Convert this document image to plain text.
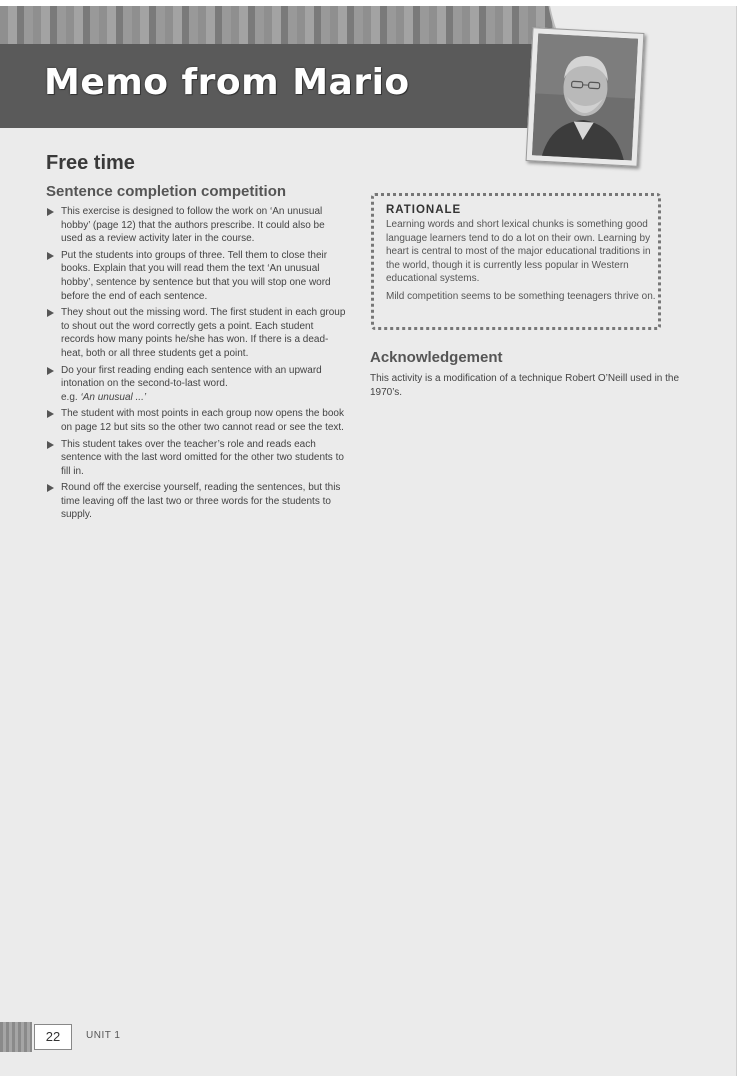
Memo from Mario
Free time
Sentence completion competition
This exercise is designed to follow the work on ‘An unusual hobby’ (page 12) that the authors prescribe. It could also be used as a review activity later in the course.
Put the students into groups of three. Tell them to close their books. Explain that you will read them the text ‘An unusual hobby’, sentence by sentence but that you will stop one word before the end of each sentence.
They shout out the missing word. The first student in each group to shout out the word correctly gets a point. Each student records how many points he/she has won. If there is a dead-heat, both or all three students get a point.
Do your first reading ending each sentence with an upward intonation on the second-to-last word.
e.g. ‘An unusual ...’
The student with most points in each group now opens the book on page 12 but sits so the other two cannot read or see the text.
This student takes over the teacher’s role and reads each sentence with the last word omitted for the other two students to fill in.
Round off the exercise yourself, reading the sentences, but this time leaving off the last two or three words for the students to supply.
RATIONALE

Learning words and short lexical chunks is something good language learners tend to do a lot on their own. Learning by heart is central to most of the major educational traditions in the world, though it is currently less popular in Western educational systems.

Mild competition seems to be something teenagers thrive on.

Acknowledgement

This activity is a modification of a technique Robert O’Neill used in the 1970’s.

22	UNIT 1
